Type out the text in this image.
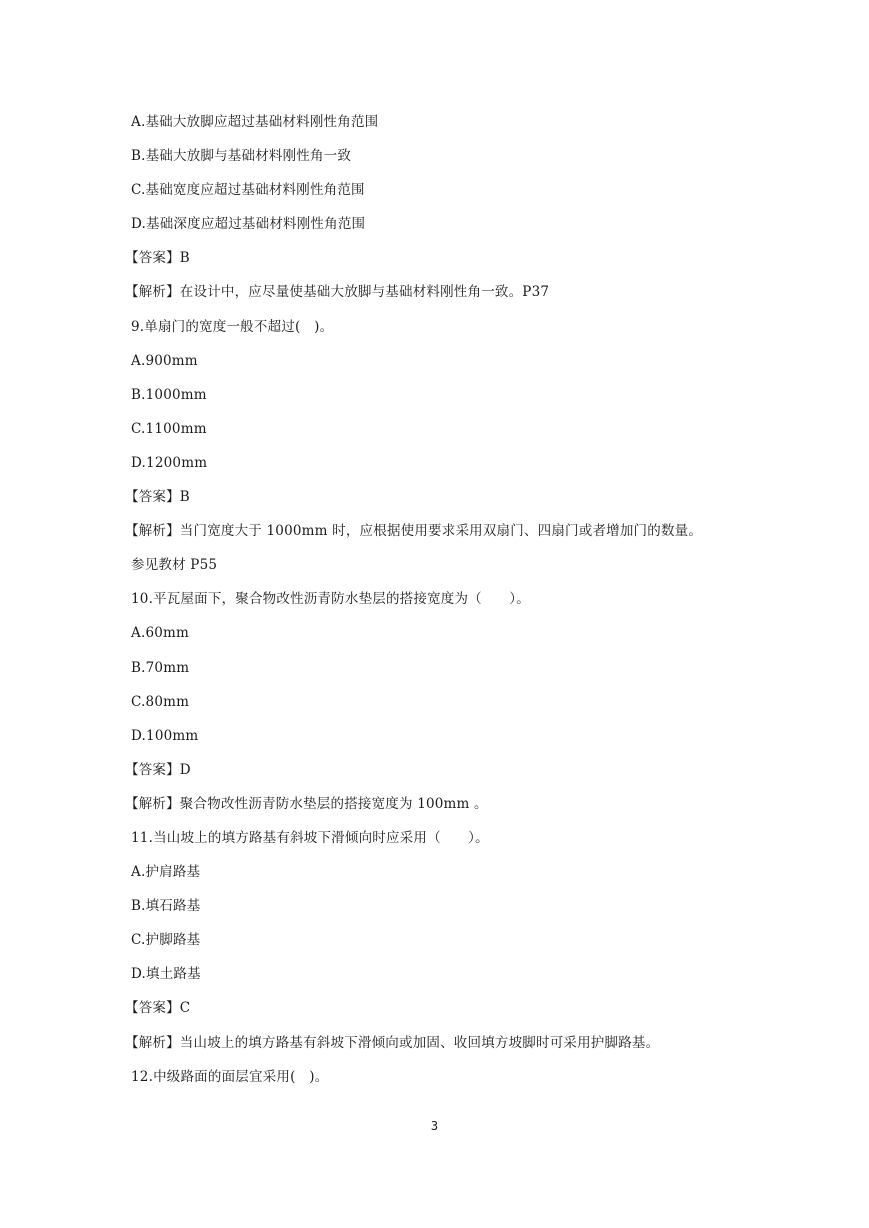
A.基础大放脚应超过基础材料刚性角范围
B.基础大放脚与基础材料刚性角一致
C.基础宽度应超过基础材料刚性角范围
D.基础深度应超过基础材料刚性角范围
【答案】B
【解析】在设计中，应尽量使基础大放脚与基础材料刚性角一致。P37
9.单扇门的宽度一般不超过(　)。
A.900mm
B.1000mm
C.1100mm
D.1200mm
【答案】B
【解析】当门宽度大于 1000mm 时，应根据使用要求采用双扇门、四扇门或者增加门的数量。
参见教材 P55
10.平瓦屋面下，聚合物改性沥青防水垫层的搭接宽度为（　　）。
A.60mm
B.70mm
C.80mm
D.100mm
【答案】D
【解析】聚合物改性沥青防水垫层的搭接宽度为 100mm 。
11.当山坡上的填方路基有斜坡下滑倾向时应采用（　　）。
A.护肩路基
B.填石路基
C.护脚路基
D.填土路基
【答案】C
【解析】当山坡上的填方路基有斜坡下滑倾向或加固、收回填方坡脚时可采用护脚路基。
12.中级路面的面层宜采用(　)。
3
